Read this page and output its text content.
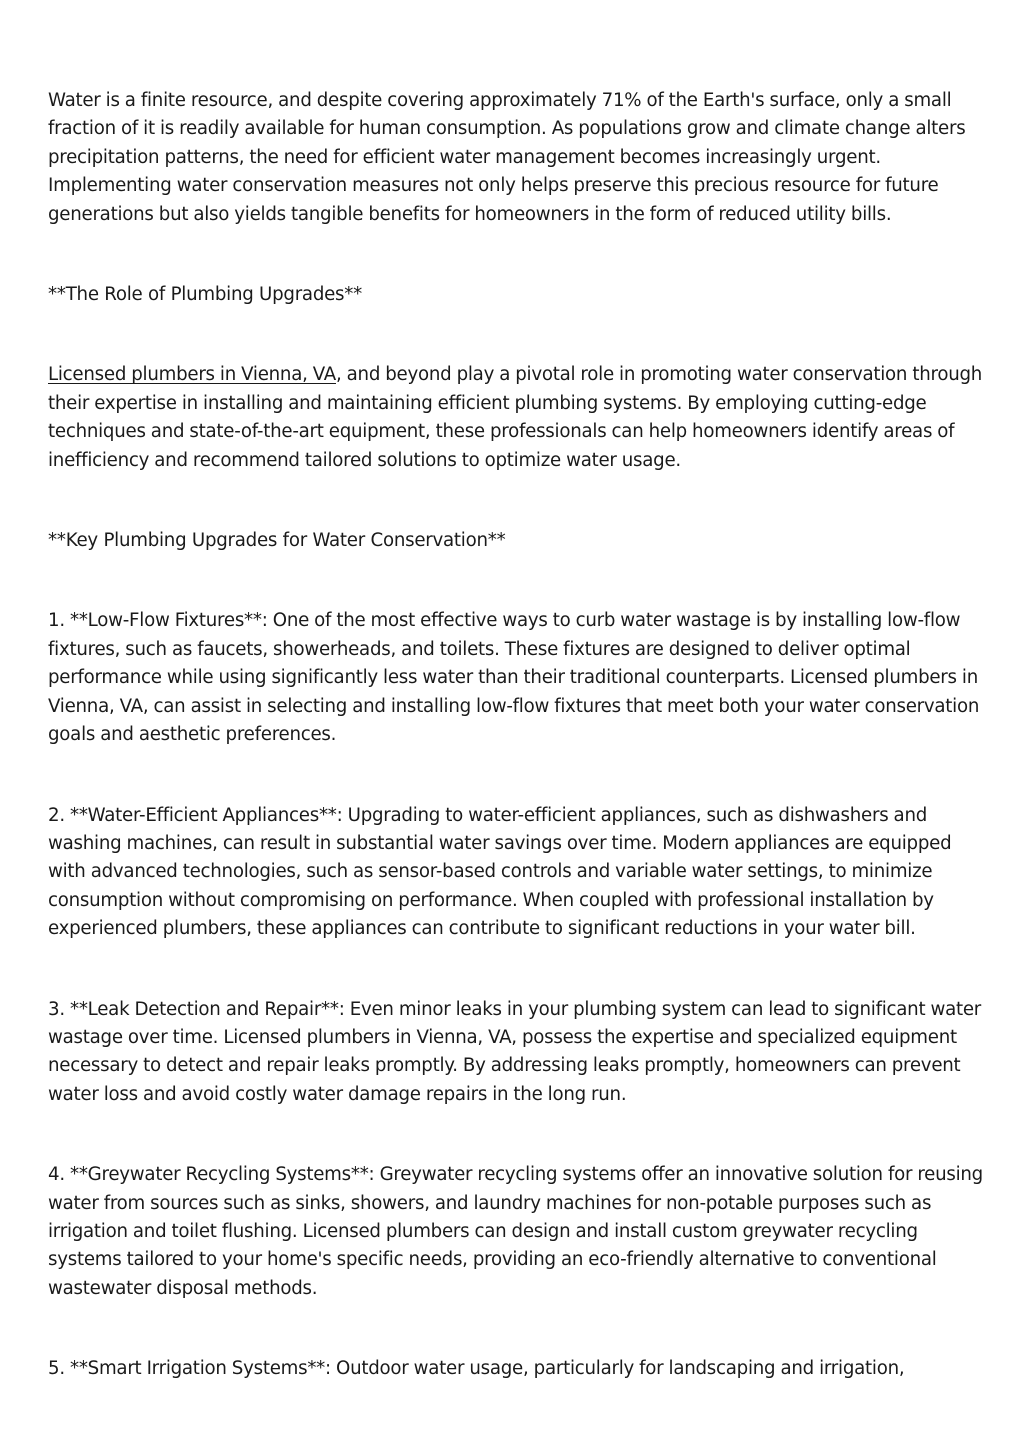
Water is a finite resource, and despite covering approximately 71% of the Earth's surface, only a small fraction of it is readily available for human consumption. As populations grow and climate change alters precipitation patterns, the need for efficient water management becomes increasingly urgent. Implementing water conservation measures not only helps preserve this precious resource for future generations but also yields tangible benefits for homeowners in the form of reduced utility bills.

**The Role of Plumbing Upgrades**

Licensed plumbers in Vienna, VA, and beyond play a pivotal role in promoting water conservation through their expertise in installing and maintaining efficient plumbing systems. By employing cutting-edge techniques and state-of-the-art equipment, these professionals can help homeowners identify areas of inefficiency and recommend tailored solutions to optimize water usage.

**Key Plumbing Upgrades for Water Conservation**

1. **Low-Flow Fixtures**: One of the most effective ways to curb water wastage is by installing low-flow fixtures, such as faucets, showerheads, and toilets. These fixtures are designed to deliver optimal performance while using significantly less water than their traditional counterparts. Licensed plumbers in Vienna, VA, can assist in selecting and installing low-flow fixtures that meet both your water conservation goals and aesthetic preferences.

2. **Water-Efficient Appliances**: Upgrading to water-efficient appliances, such as dishwashers and washing machines, can result in substantial water savings over time. Modern appliances are equipped with advanced technologies, such as sensor-based controls and variable water settings, to minimize consumption without compromising on performance. When coupled with professional installation by experienced plumbers, these appliances can contribute to significant reductions in your water bill.

3. **Leak Detection and Repair**: Even minor leaks in your plumbing system can lead to significant water wastage over time. Licensed plumbers in Vienna, VA, possess the expertise and specialized equipment necessary to detect and repair leaks promptly. By addressing leaks promptly, homeowners can prevent water loss and avoid costly water damage repairs in the long run.

4. **Greywater Recycling Systems**: Greywater recycling systems offer an innovative solution for reusing water from sources such as sinks, showers, and laundry machines for non-potable purposes such as irrigation and toilet flushing. Licensed plumbers can design and install custom greywater recycling systems tailored to your home's specific needs, providing an eco-friendly alternative to conventional wastewater disposal methods.

5. **Smart Irrigation Systems**: Outdoor water usage, particularly for landscaping and irrigation,
